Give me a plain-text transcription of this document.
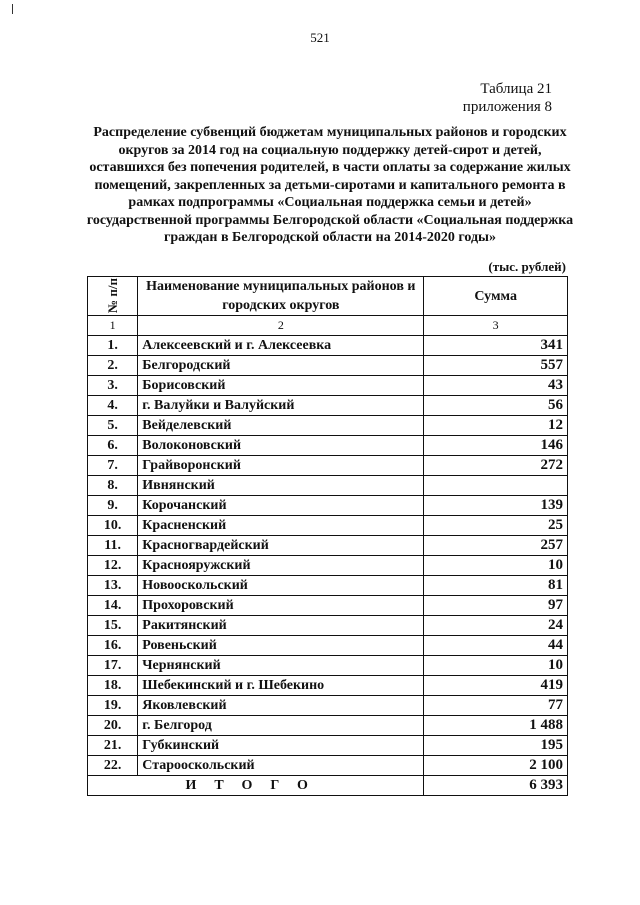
521
Таблица 21
приложения 8
Распределение субвенций бюджетам муниципальных районов и городских округов за 2014 год на социальную поддержку детей-сирот и детей, оставшихся без попечения родителей, в части оплаты за содержание жилых помещений, закрепленных за детьми-сиротами и капитального ремонта в рамках подпрограммы «Социальная поддержка семьи и детей» государственной программы Белгородской области «Социальная поддержка граждан в Белгородской области на 2014-2020 годы»
(тыс. рублей)
№ п/п	Наименование муниципальных районов и городских округов	Сумма
1	2	3
1.	Алексеевский и г. Алексеевка	341
2.	Белгородский	557
3.	Борисовский	43
4.	г. Валуйки и Валуйский	56
5.	Вейделевский	12
6.	Волоконовский	146
7.	Грайворонский	272
8.	Ивнянский	
9.	Корочанский	139
10.	Красненский	25
11.	Красногвардейский	257
12.	Краснояружский	10
13.	Новооскольский	81
14.	Прохоровский	97
15.	Ракитянский	24
16.	Ровеньский	44
17.	Чернянский	10
18.	Шебекинский и г. Шебекино	419
19.	Яковлевский	77
20.	г. Белгород	1 488
21.	Губкинский	195
22.	Старооскольский	2 100
ИТОГО		6 393
